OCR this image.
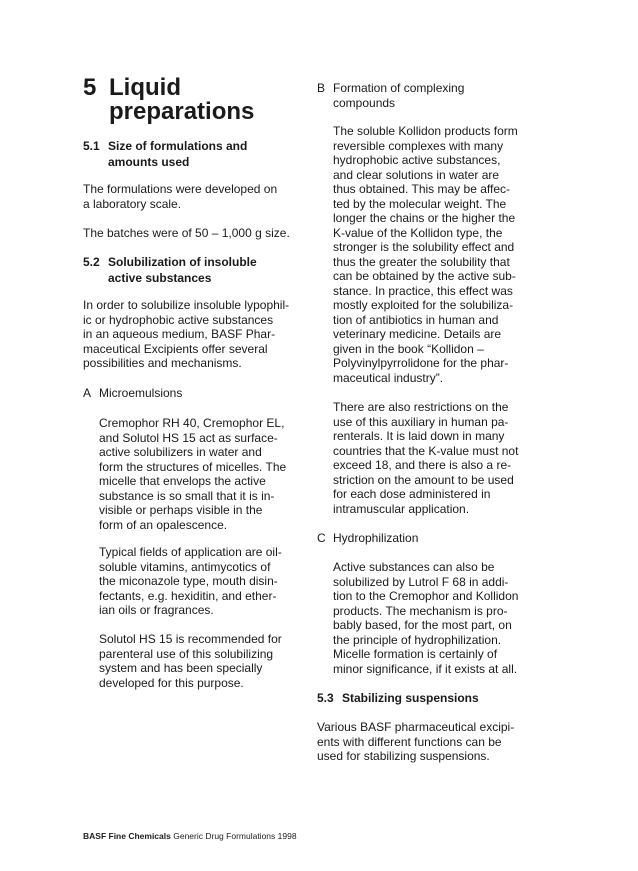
5 Liquid
preparations
5.1 Size of formulations and
amounts used
The formulations were developed on
a laboratory scale.
The batches were of 50 – 1,000 g size.
5.2 Solubilization of insoluble
active substances
In order to solubilize insoluble lypophil-
ic or hydrophobic active substances
in an aqueous medium, BASF Phar-
maceutical Excipients offer several
possibilities and mechanisms.
A Microemulsions
Cremophor RH 40, Cremophor EL,
and Solutol HS 15 act as surface-
active solubilizers in water and
form the structures of micelles. The
micelle that envelops the active
substance is so small that it is in-
visible or perhaps visible in the
form of an opalescence.
Typical fields of application are oil-
soluble vitamins, antimycotics of
the miconazole type, mouth disin-
fectants, e.g. hexiditin, and ether-
ian oils or fragrances.
Solutol HS 15 is recommended for
parenteral use of this solubilizing
system and has been specially
developed for this purpose.
B Formation of complexing
compounds
The soluble Kollidon products form
reversible complexes with many
hydrophobic active substances,
and clear solutions in water are
thus obtained. This may be affec-
ted by the molecular weight. The
longer the chains or the higher the
K-value of the Kollidon type, the
stronger is the solubility effect and
thus the greater the solubility that
can be obtained by the active sub-
stance. In practice, this effect was
mostly exploited for the solubiliza-
tion of antibiotics in human and
veterinary medicine. Details are
given in the book “Kollidon –
Polyvinylpyrrolidone for the phar-
maceutical industry”.
There are also restrictions on the
use of this auxiliary in human pa-
renterals. It is laid down in many
countries that the K-value must not
exceed 18, and there is also a re-
striction on the amount to be used
for each dose administered in
intramuscular application.
C Hydrophilization
Active substances can also be
solubilized by Lutrol F 68 in addi-
tion to the Cremophor and Kollidon
products. The mechanism is pro-
bably based, for the most part, on
the principle of hydrophilization.
Micelle formation is certainly of
minor significance, if it exists at all.
5.3 Stabilizing suspensions
Various BASF pharmaceutical excipi-
ents with different functions can be
used for stabilizing suspensions.
BASF Fine Chemicals Generic Drug Formulations 1998
